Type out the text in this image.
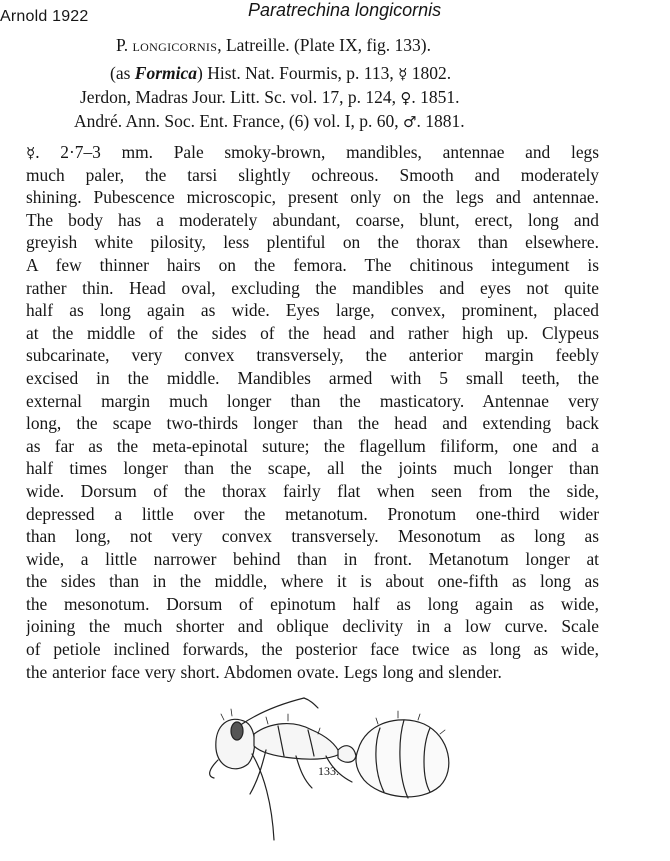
Arnold 1922	Paratrechina longicornis
P. longicornis, Latreille. (Plate IX, fig. 133).
(as Formica) Hist. Nat. Fourmis, p. 113, ☿ 1802.
Jerdon, Madras Jour. Litt. Sc. vol. 17, p. 124, ♀. 1851.
André. Ann. Soc. Ent. France, (6) vol. I, p. 60, ♂. 1881.
☿. 2·7–3 mm. Pale smoky-brown, mandibles, antennae and legs
much paler, the tarsi slightly ochreous. Smooth and moderately
shining. Pubescence microscopic, present only on the legs and antennae.
The body has a moderately abundant, coarse, blunt, erect, long and
greyish white pilosity, less plentiful on the thorax than elsewhere.
A few thinner hairs on the femora. The chitinous integument is
rather thin. Head oval, excluding the mandibles and eyes not quite
half as long again as wide. Eyes large, convex, prominent, placed
at the middle of the sides of the head and rather high up. Clypeus
subcarinate, very convex transversely, the anterior margin feebly
excised in the middle. Mandibles armed with 5 small teeth, the
external margin much longer than the masticatory. Antennae very
long, the scape two-thirds longer than the head and extending back
as far as the meta-epinotal suture; the flagellum filiform, one and a
half times longer than the scape, all the joints much longer than
wide. Dorsum of the thorax fairly flat when seen from the side,
depressed a little over the metanotum. Pronotum one-third wider
than long, not very convex transversely. Mesonotum as long as
wide, a little narrower behind than in front. Metanotum longer at
the sides than in the middle, where it is about one-fifth as long as
the mesonotum. Dorsum of epinotum half as long again as wide,
joining the much shorter and oblique declivity in a low curve. Scale
of petiole inclined forwards, the posterior face twice as long as wide,
the anterior face very short. Abdomen ovate. Legs long and slender.
133.
